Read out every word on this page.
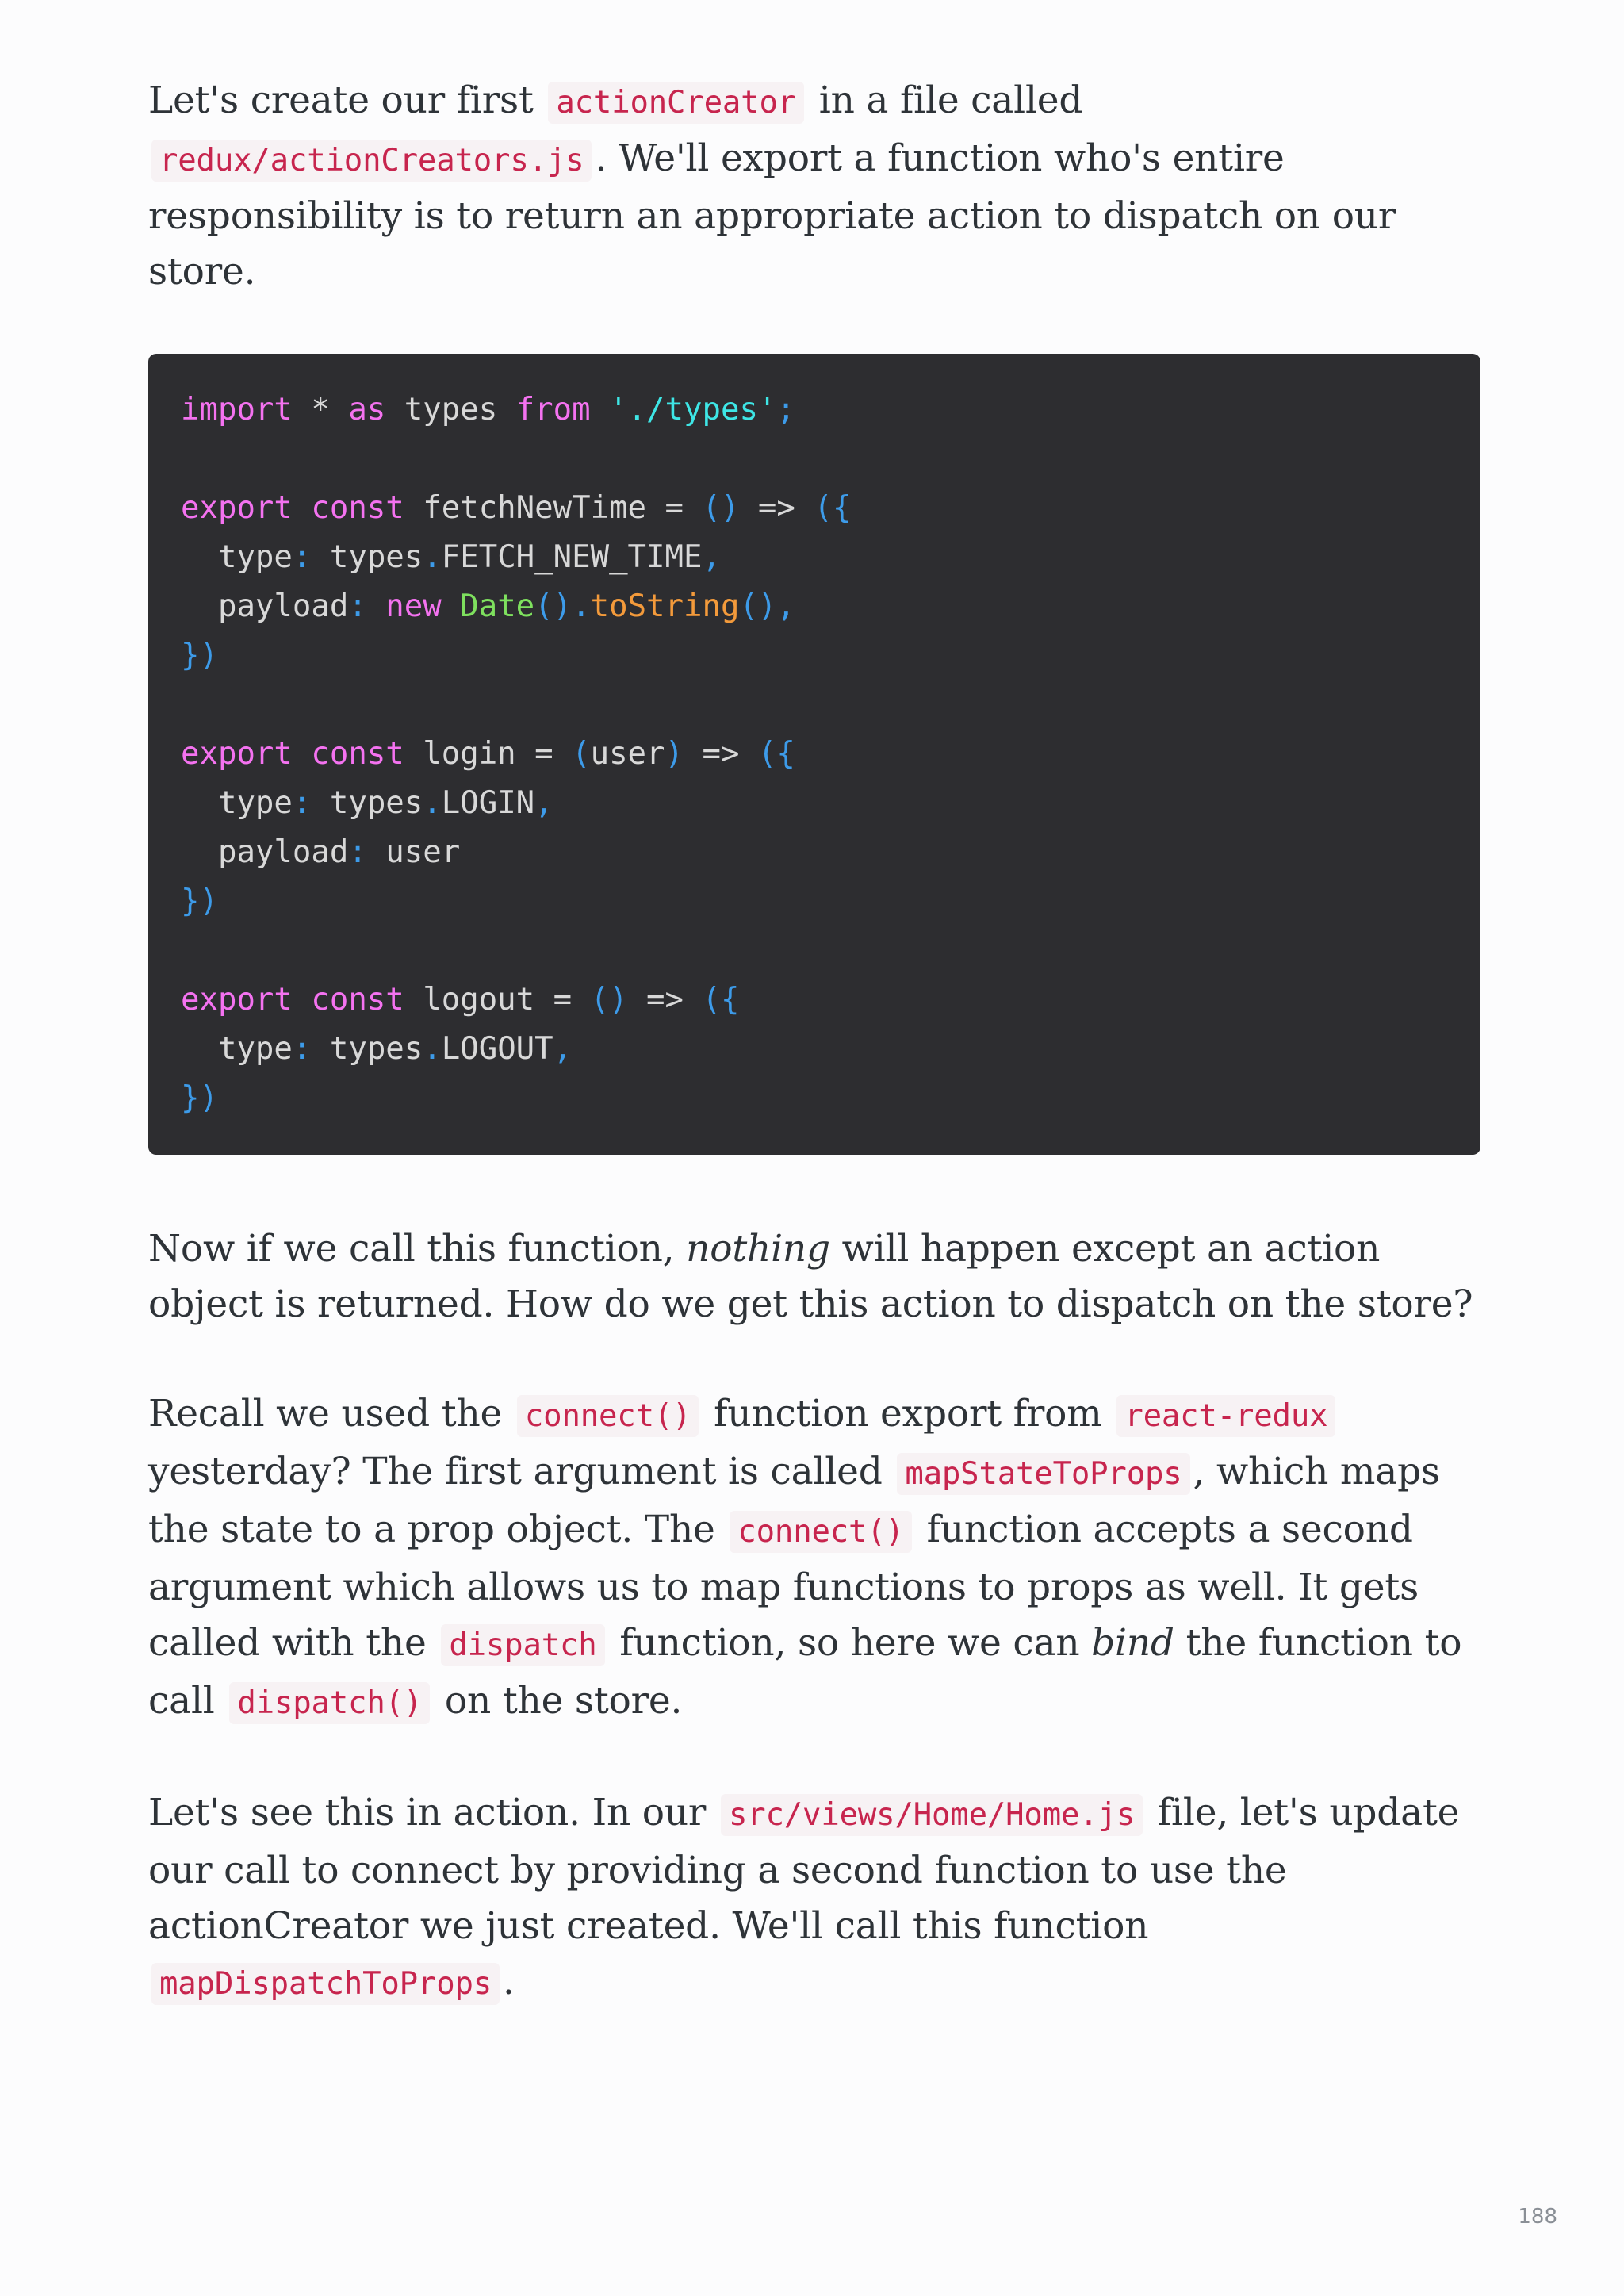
Let's create our first actionCreator in a file called redux/actionCreators.js . We'll export a function who's entire responsibility is to return an appropriate action to dispatch on our store.

import * as types from './types';
export const fetchNewTime = () => ({
type: types.FETCH_NEW_TIME,
payload: new Date().toString(),
})
export const login = (user) => ({
type: types.LOGIN,
payload: user
})
export const logout = () => ({
type: types.LOGOUT,
})

Now if we call this function, nothing will happen except an action object is returned. How do we get this action to dispatch on the store?

Recall we used the connect() function export from react-redux yesterday? The first argument is called mapStateToProps , which maps the state to a prop object. The connect() function accepts a second argument which allows us to map functions to props as well. It gets called with the dispatch function, so here we can bind the function to call dispatch() on the store.

Let's see this in action. In our src/views/Home/Home.js file, let's update our call to connect by providing a second function to use the actionCreator we just created. We'll call this function mapDispatchToProps .

188
